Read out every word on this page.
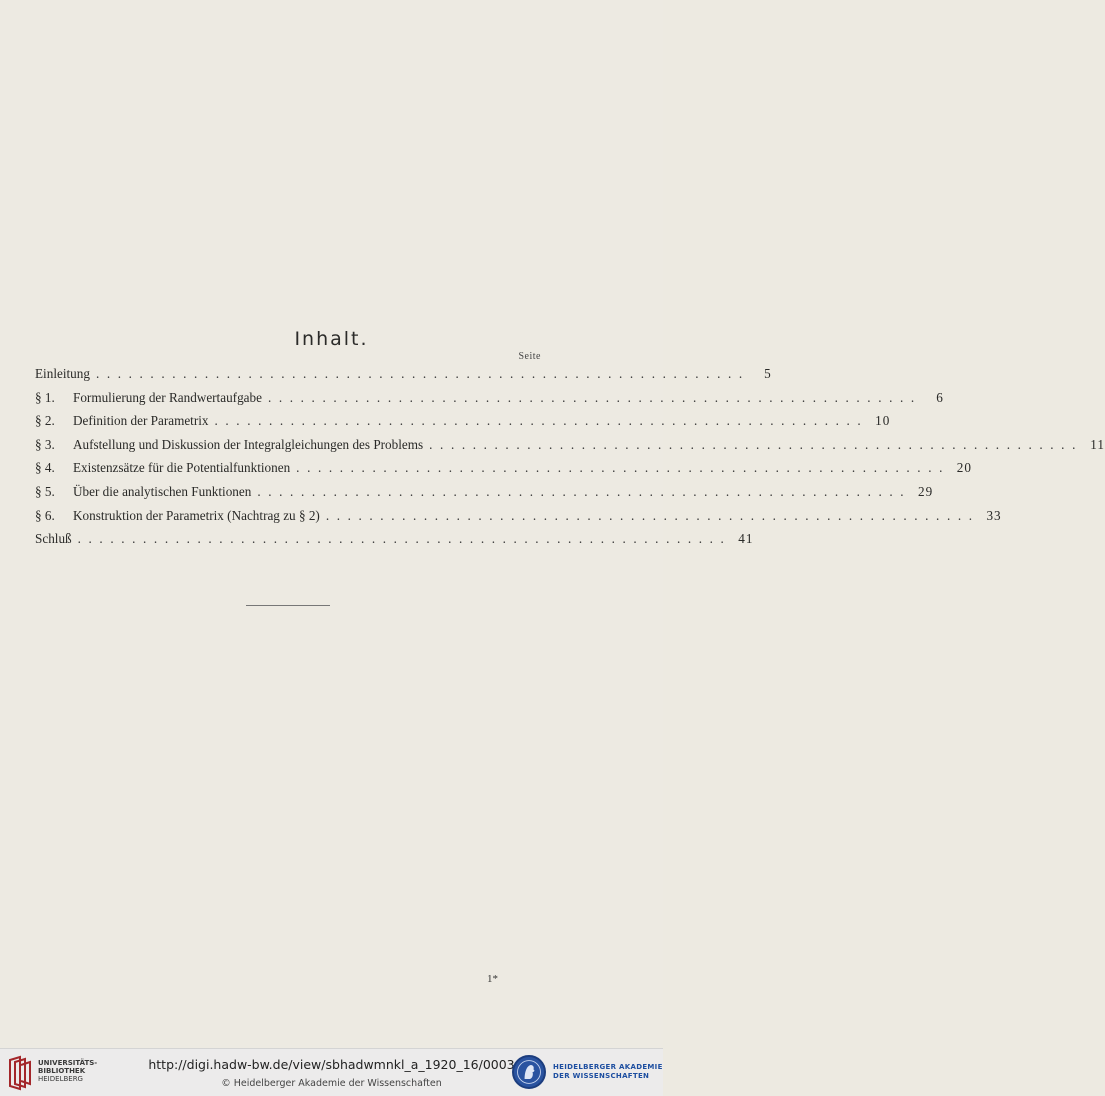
Inhalt.
Seite
Einleitung ............................................................	5
§ 1.	Formulierung der Randwertaufgabe ............................................................	6
§ 2.	Definition der Parametrix ............................................................ 10
§ 3.	Aufstellung und Diskussion der Integralgleichungen des Problems ............................................................ 11
§ 4.	Existenzsätze für die Potentialfunktionen ............................................................ 20
§ 5.	Über die analytischen Funktionen ............................................................ 29
§ 6.	Konstruktion der Parametrix (Nachtrag zu § 2) ............................................................ 33
Schluß ............................................................ 41
1*
UNIVERSITÄTS-
BIBLIOTHEK
HEIDELBERG
http://digi.hadw-bw.de/view/sbhadwmnkl_a_1920_16/0003
© Heidelberger Akademie der Wissenschaften
HEIDELBERGER AKADEMIE
DER WISSENSCHAFTEN
